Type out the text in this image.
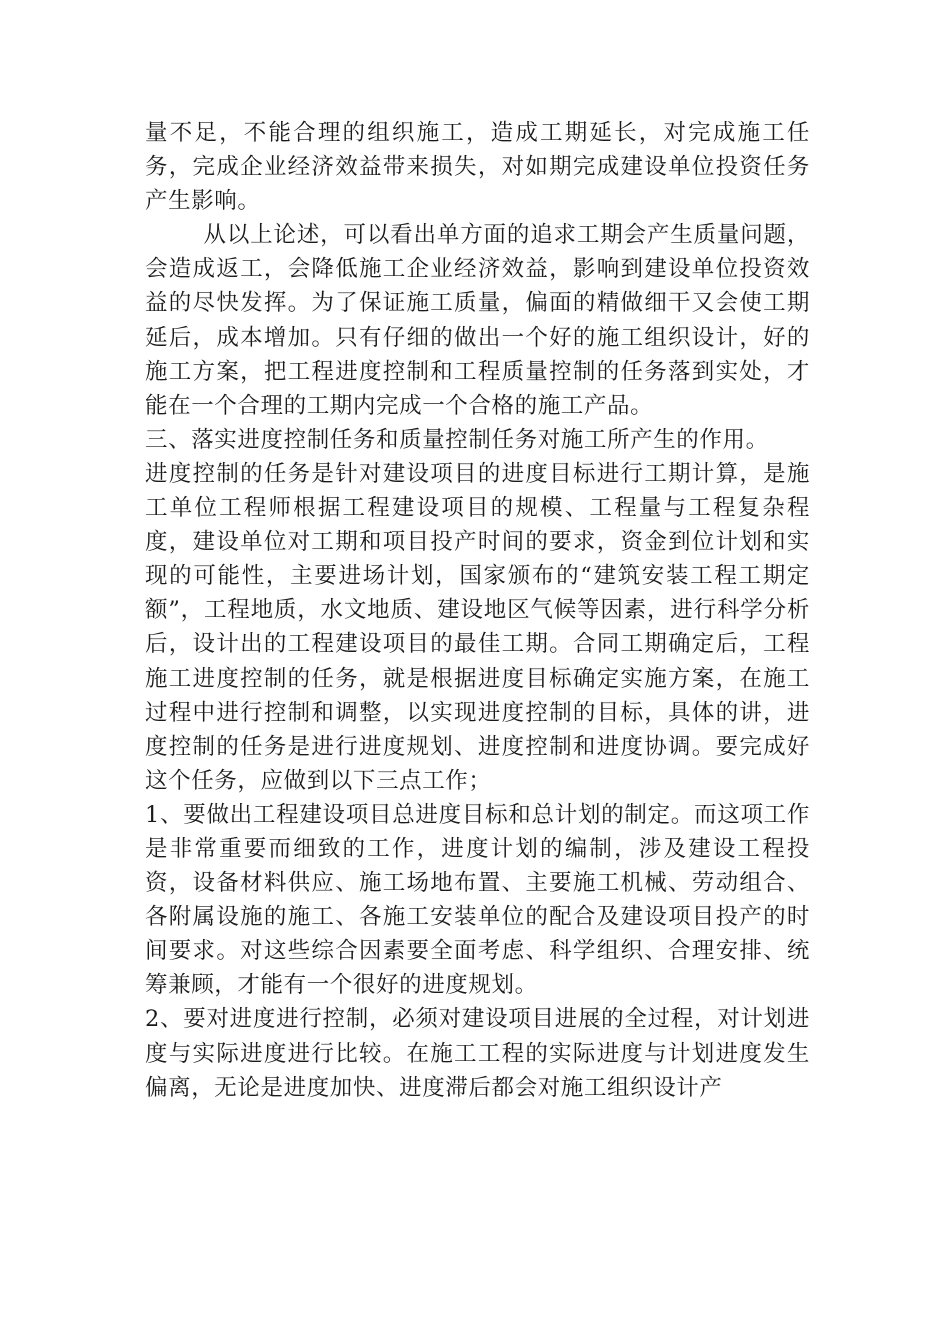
量不足，不能合理的组织施工，造成工期延长，对完成施工任务，完成企业经济效益带来损失，对如期完成建设单位投资任务产生影响。

从以上论述，可以看出单方面的追求工期会产生质量问题，会造成返工，会降低施工企业经济效益，影响到建设单位投资效益的尽快发挥。为了保证施工质量，偏面的精做细干又会使工期延后，成本增加。只有仔细的做出一个好的施工组织设计，好的施工方案，把工程进度控制和工程质量控制的任务落到实处，才能在一个合理的工期内完成一个合格的施工产品。

三、落实进度控制任务和质量控制任务对施工所产生的作用。

进度控制的任务是针对建设项目的进度目标进行工期计算，是施工单位工程师根据工程建设项目的规模、工程量与工程复杂程度，建设单位对工期和项目投产时间的要求，资金到位计划和实现的可能性，主要进场计划，国家颁布的“建筑安装工程工期定额”，工程地质，水文地质、建设地区气候等因素，进行科学分析后，设计出的工程建设项目的最佳工期。合同工期确定后，工程施工进度控制的任务，就是根据进度目标确定实施方案，在施工过程中进行控制和调整，以实现进度控制的目标，具体的讲，进度控制的任务是进行进度规划、进度控制和进度协调。要完成好这个任务，应做到以下三点工作；

1、要做出工程建设项目总进度目标和总计划的制定。而这项工作是非常重要而细致的工作，进度计划的编制，涉及建设工程投资，设备材料供应、施工场地布置、主要施工机械、劳动组合、各附属设施的施工、各施工安装单位的配合及建设项目投产的时间要求。对这些综合因素要全面考虑、科学组织、合理安排、统筹兼顾，才能有一个很好的进度规划。

2、要对进度进行控制，必须对建设项目进展的全过程，对计划进度与实际进度进行比较。在施工工程的实际进度与计划进度发生偏离，无论是进度加快、进度滞后都会对施工组织设计产
